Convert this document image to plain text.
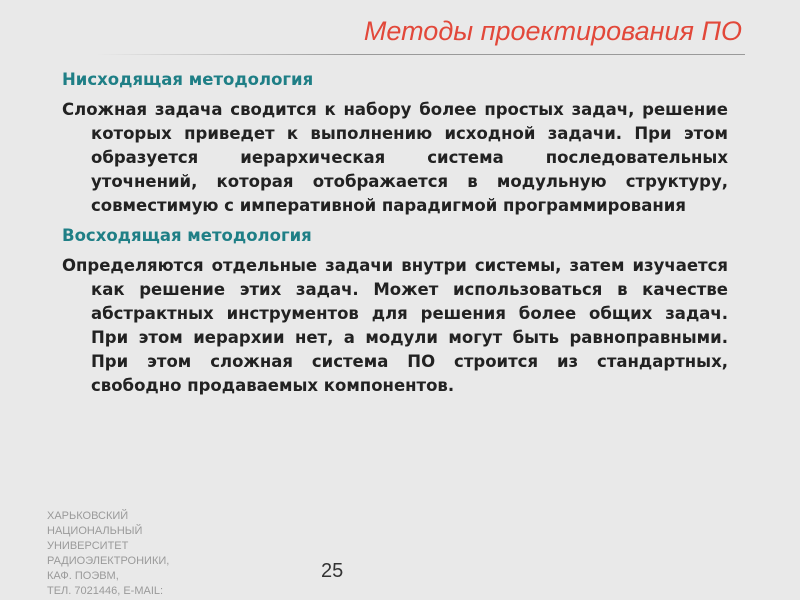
Методы проектирования ПО
Нисходящая методология
Сложная задача сводится к набору более простых задач, решение которых приведет к выполнению исходной задачи. При этом образуется иерархическая система последовательных уточнений, которая отображается в модульную структуру, совместимую с императивной парадигмой программирования
Восходящая методология
Определяются отдельные задачи внутри системы, затем изучается как решение этих задач. Может использоваться в качестве абстрактных инструментов для решения более общих задач. При этом иерархии нет, а модули могут быть равноправными. При этом сложная система ПО строится из стандартных, свободно продаваемых компонентов.
ХАРЬКОВСКИЙ
НАЦИОНАЛЬНЫЙ
УНИВЕРСИТЕТ
РАДИОЭЛЕКТРОНИКИ,
КАФ. ПОЭВМ,
ТЕЛ. 7021446, E-MAIL:
25
